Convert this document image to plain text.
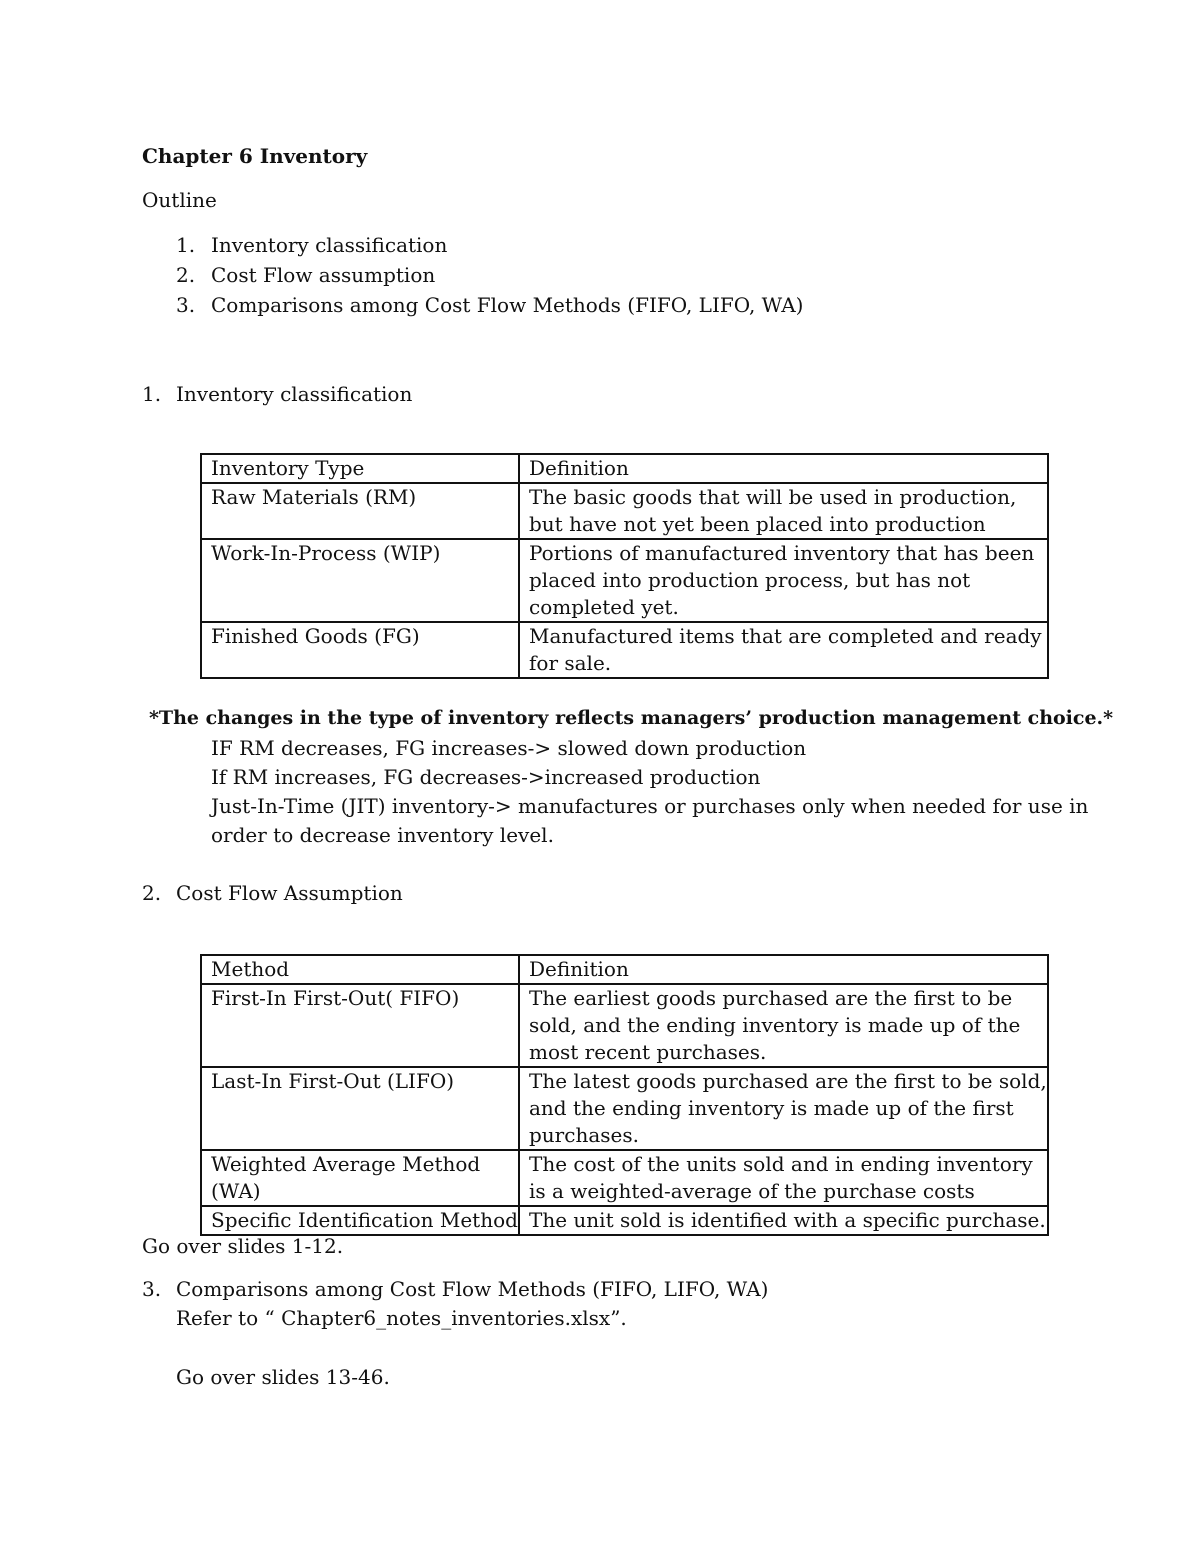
Chapter 6 Inventory
Outline
1. Inventory classification
2. Cost Flow assumption
3. Comparisons among Cost Flow Methods (FIFO, LIFO, WA)
1. Inventory classification
Inventory Type	Definition
Raw Materials (RM)	The basic goods that will be used in production, but have not yet been placed into production
Work-In-Process (WIP)	Portions of manufactured inventory that has been placed into production process, but has not completed yet.
Finished Goods (FG)	Manufactured items that are completed and ready for sale.
*The changes in the type of inventory reflects managers’ production management choice.*
IF RM decreases, FG increases-> slowed down production
If RM increases, FG decreases->increased production
Just-In-Time (JIT) inventory-> manufactures or purchases only when needed for use in
order to decrease inventory level.
2. Cost Flow Assumption
Method	Definition
First-In First-Out( FIFO)	The earliest goods purchased are the first to be sold, and the ending inventory is made up of the most recent purchases.
Last-In First-Out (LIFO)	The latest goods purchased are the first to be sold, and the ending inventory is made up of the first purchases.
Weighted Average Method (WA)	The cost of the units sold and in ending inventory is a weighted-average of the purchase costs
Specific Identification Method	The unit sold is identified with a specific purchase.
Go over slides 1-12.
3. Comparisons among Cost Flow Methods (FIFO, LIFO, WA)
Refer to “ Chapter6_notes_inventories.xlsx”.
Go over slides 13-46.
